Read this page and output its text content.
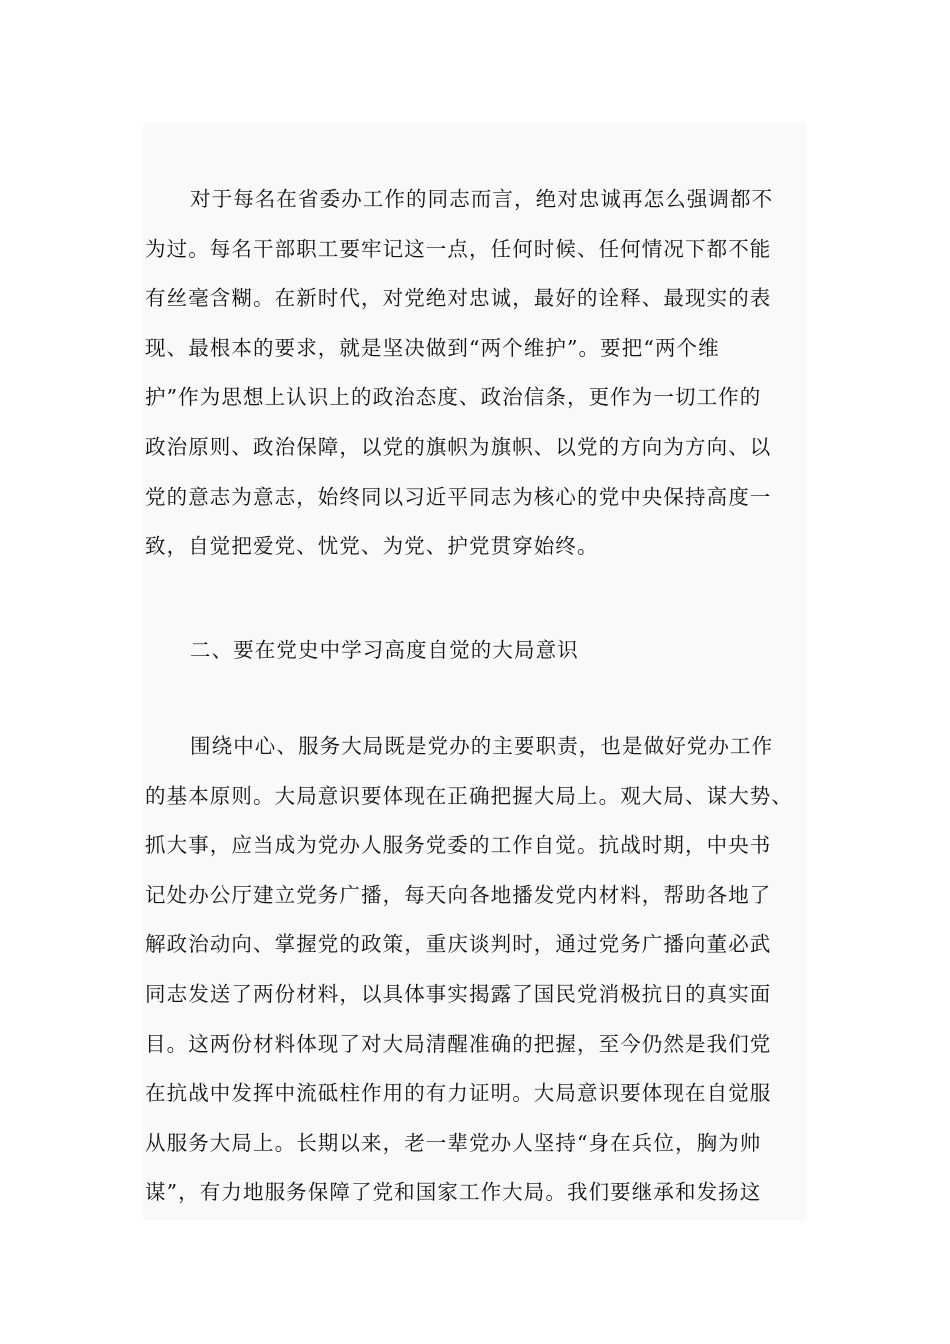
对于每名在省委办工作的同志而言，绝对忠诚再怎么强调都不
为过。每名干部职工要牢记这一点，任何时候、任何情况下都不能
有丝毫含糊。在新时代，对党绝对忠诚，最好的诠释、最现实的表
现、最根本的要求，就是坚决做到“两个维护”。要把“两个维
护”作为思想上认识上的政治态度、政治信条，更作为一切工作的
政治原则、政治保障，以党的旗帜为旗帜、以党的方向为方向、以
党的意志为意志，始终同以习近平同志为核心的党中央保持高度一
致，自觉把爱党、忧党、为党、护党贯穿始终。
二、要在党史中学习高度自觉的大局意识
围绕中心、服务大局既是党办的主要职责，也是做好党办工作
的基本原则。大局意识要体现在正确把握大局上。观大局、谋大势、
抓大事，应当成为党办人服务党委的工作自觉。抗战时期，中央书
记处办公厅建立党务广播，每天向各地播发党内材料，帮助各地了
解政治动向、掌握党的政策，重庆谈判时，通过党务广播向董必武
同志发送了两份材料，以具体事实揭露了国民党消极抗日的真实面
目。这两份材料体现了对大局清醒准确的把握，至今仍然是我们党
在抗战中发挥中流砥柱作用的有力证明。大局意识要体现在自觉服
从服务大局上。长期以来，老一辈党办人坚持“身在兵位，胸为帅
谋”，有力地服务保障了党和国家工作大局。我们要继承和发扬这
